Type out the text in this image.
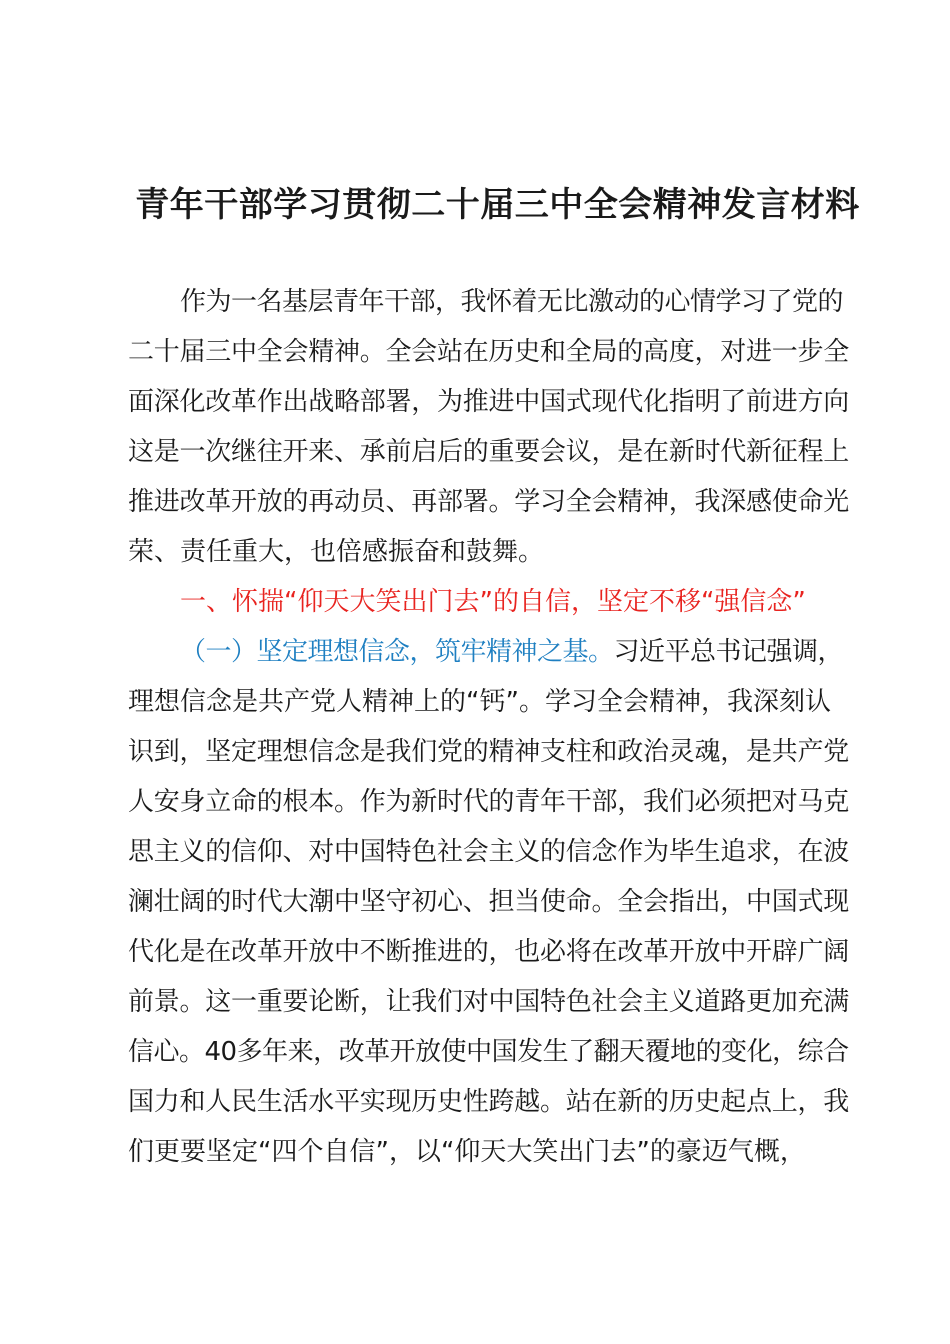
青年干部学习贯彻二十届三中全会精神发言材料
作为一名基层青年干部，我怀着无比激动的心情学习了党的
二十届三中全会精神。全会站在历史和全局的高度，对进一步全
面深化改革作出战略部署，为推进中国式现代化指明了前进方向
这是一次继往开来、承前启后的重要会议，是在新时代新征程上
推进改革开放的再动员、再部署。学习全会精神，我深感使命光
荣、责任重大，也倍感振奋和鼓舞。
一、怀揣“仰天大笑出门去”的自信，坚定不移“强信念”
（一）坚定理想信念，筑牢精神之基。习近平总书记强调，
理想信念是共产党人精神上的“钙”。学习全会精神，我深刻认
识到，坚定理想信念是我们党的精神支柱和政治灵魂，是共产党
人安身立命的根本。作为新时代的青年干部，我们必须把对马克
思主义的信仰、对中国特色社会主义的信念作为毕生追求，在波
澜壮阔的时代大潮中坚守初心、担当使命。全会指出，中国式现
代化是在改革开放中不断推进的，也必将在改革开放中开辟广阔
前景。这一重要论断，让我们对中国特色社会主义道路更加充满
信心。40多年来，改革开放使中国发生了翻天覆地的变化，综合
国力和人民生活水平实现历史性跨越。站在新的历史起点上，我
们更要坚定“四个自信”，以“仰天大笑出门去”的豪迈气概，
